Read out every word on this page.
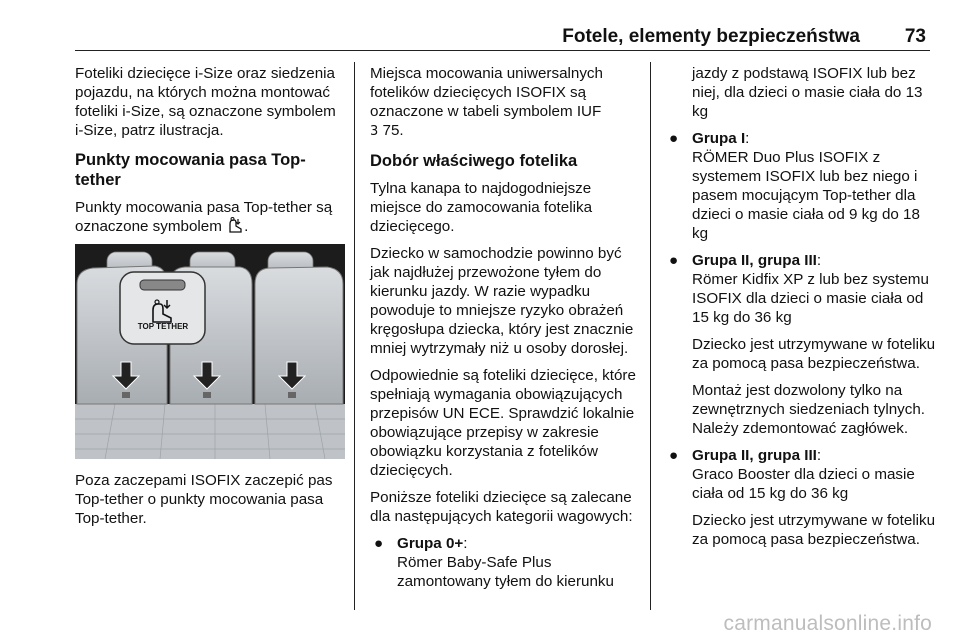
Fotele, elementy bezpieczeństwa 73

Foteliki dziecięce i-Size oraz siedzenia pojazdu, na których można montować foteliki i-Size, są oznaczone symbolem i-Size, patrz ilustracja.

Punkty mocowania pasa Top-tether

Punkty mocowania pasa Top-tether są oznaczone symbolem .

TOP TETHER

Poza zaczepami ISOFIX zaczepić pas Top-tether o punkty mocowania pasa Top-tether.

Miejsca mocowania uniwersalnych fotelików dziecięcych ISOFIX są oznaczone w tabeli symbolem IUF
3 75.

Dobór właściwego fotelika

Tylna kanapa to najdogodniejsze miejsce do zamocowania fotelika dziecięcego.

Dziecko w samochodzie powinno być jak najdłużej przewożone tyłem do kierunku jazdy. W razie wypadku powoduje to mniejsze ryzyko obrażeń kręgosłupa dziecka, który jest znacznie mniej wytrzymały niż u osoby dorosłej.

Odpowiednie są foteliki dziecięce, które spełniają wymagania obowiązujących przepisów UN ECE. Sprawdzić lokalnie obowiązujące przepisy w zakresie obowiązku korzystania z fotelików dziecięcych.

Poniższe foteliki dziecięce są zalecane dla następujących kategorii wagowych:

● Grupa 0+:
Römer Baby-Safe Plus zamontowany tyłem do kierunku

jazdy z podstawą ISOFIX lub bez niej, dla dzieci o masie ciała do 13 kg

● Grupa I:
RÖMER Duo Plus ISOFIX z systemem ISOFIX lub bez niego i pasem mocującym Top-tether dla dzieci o masie ciała od 9 kg do 18 kg
● Grupa II, grupa III:
Römer Kidfix XP z lub bez systemu ISOFIX dla dzieci o masie ciała od 15 kg do 36 kg
Dziecko jest utrzymywane w foteliku za pomocą pasa bezpieczeństwa.
Montaż jest dozwolony tylko na zewnętrznych siedzeniach tylnych. Należy zdemontować zagłówek.
● Grupa II, grupa III:
Graco Booster dla dzieci o masie ciała od 15 kg do 36 kg
Dziecko jest utrzymywane w foteliku za pomocą pasa bezpieczeństwa.
carmanualsonline.info
